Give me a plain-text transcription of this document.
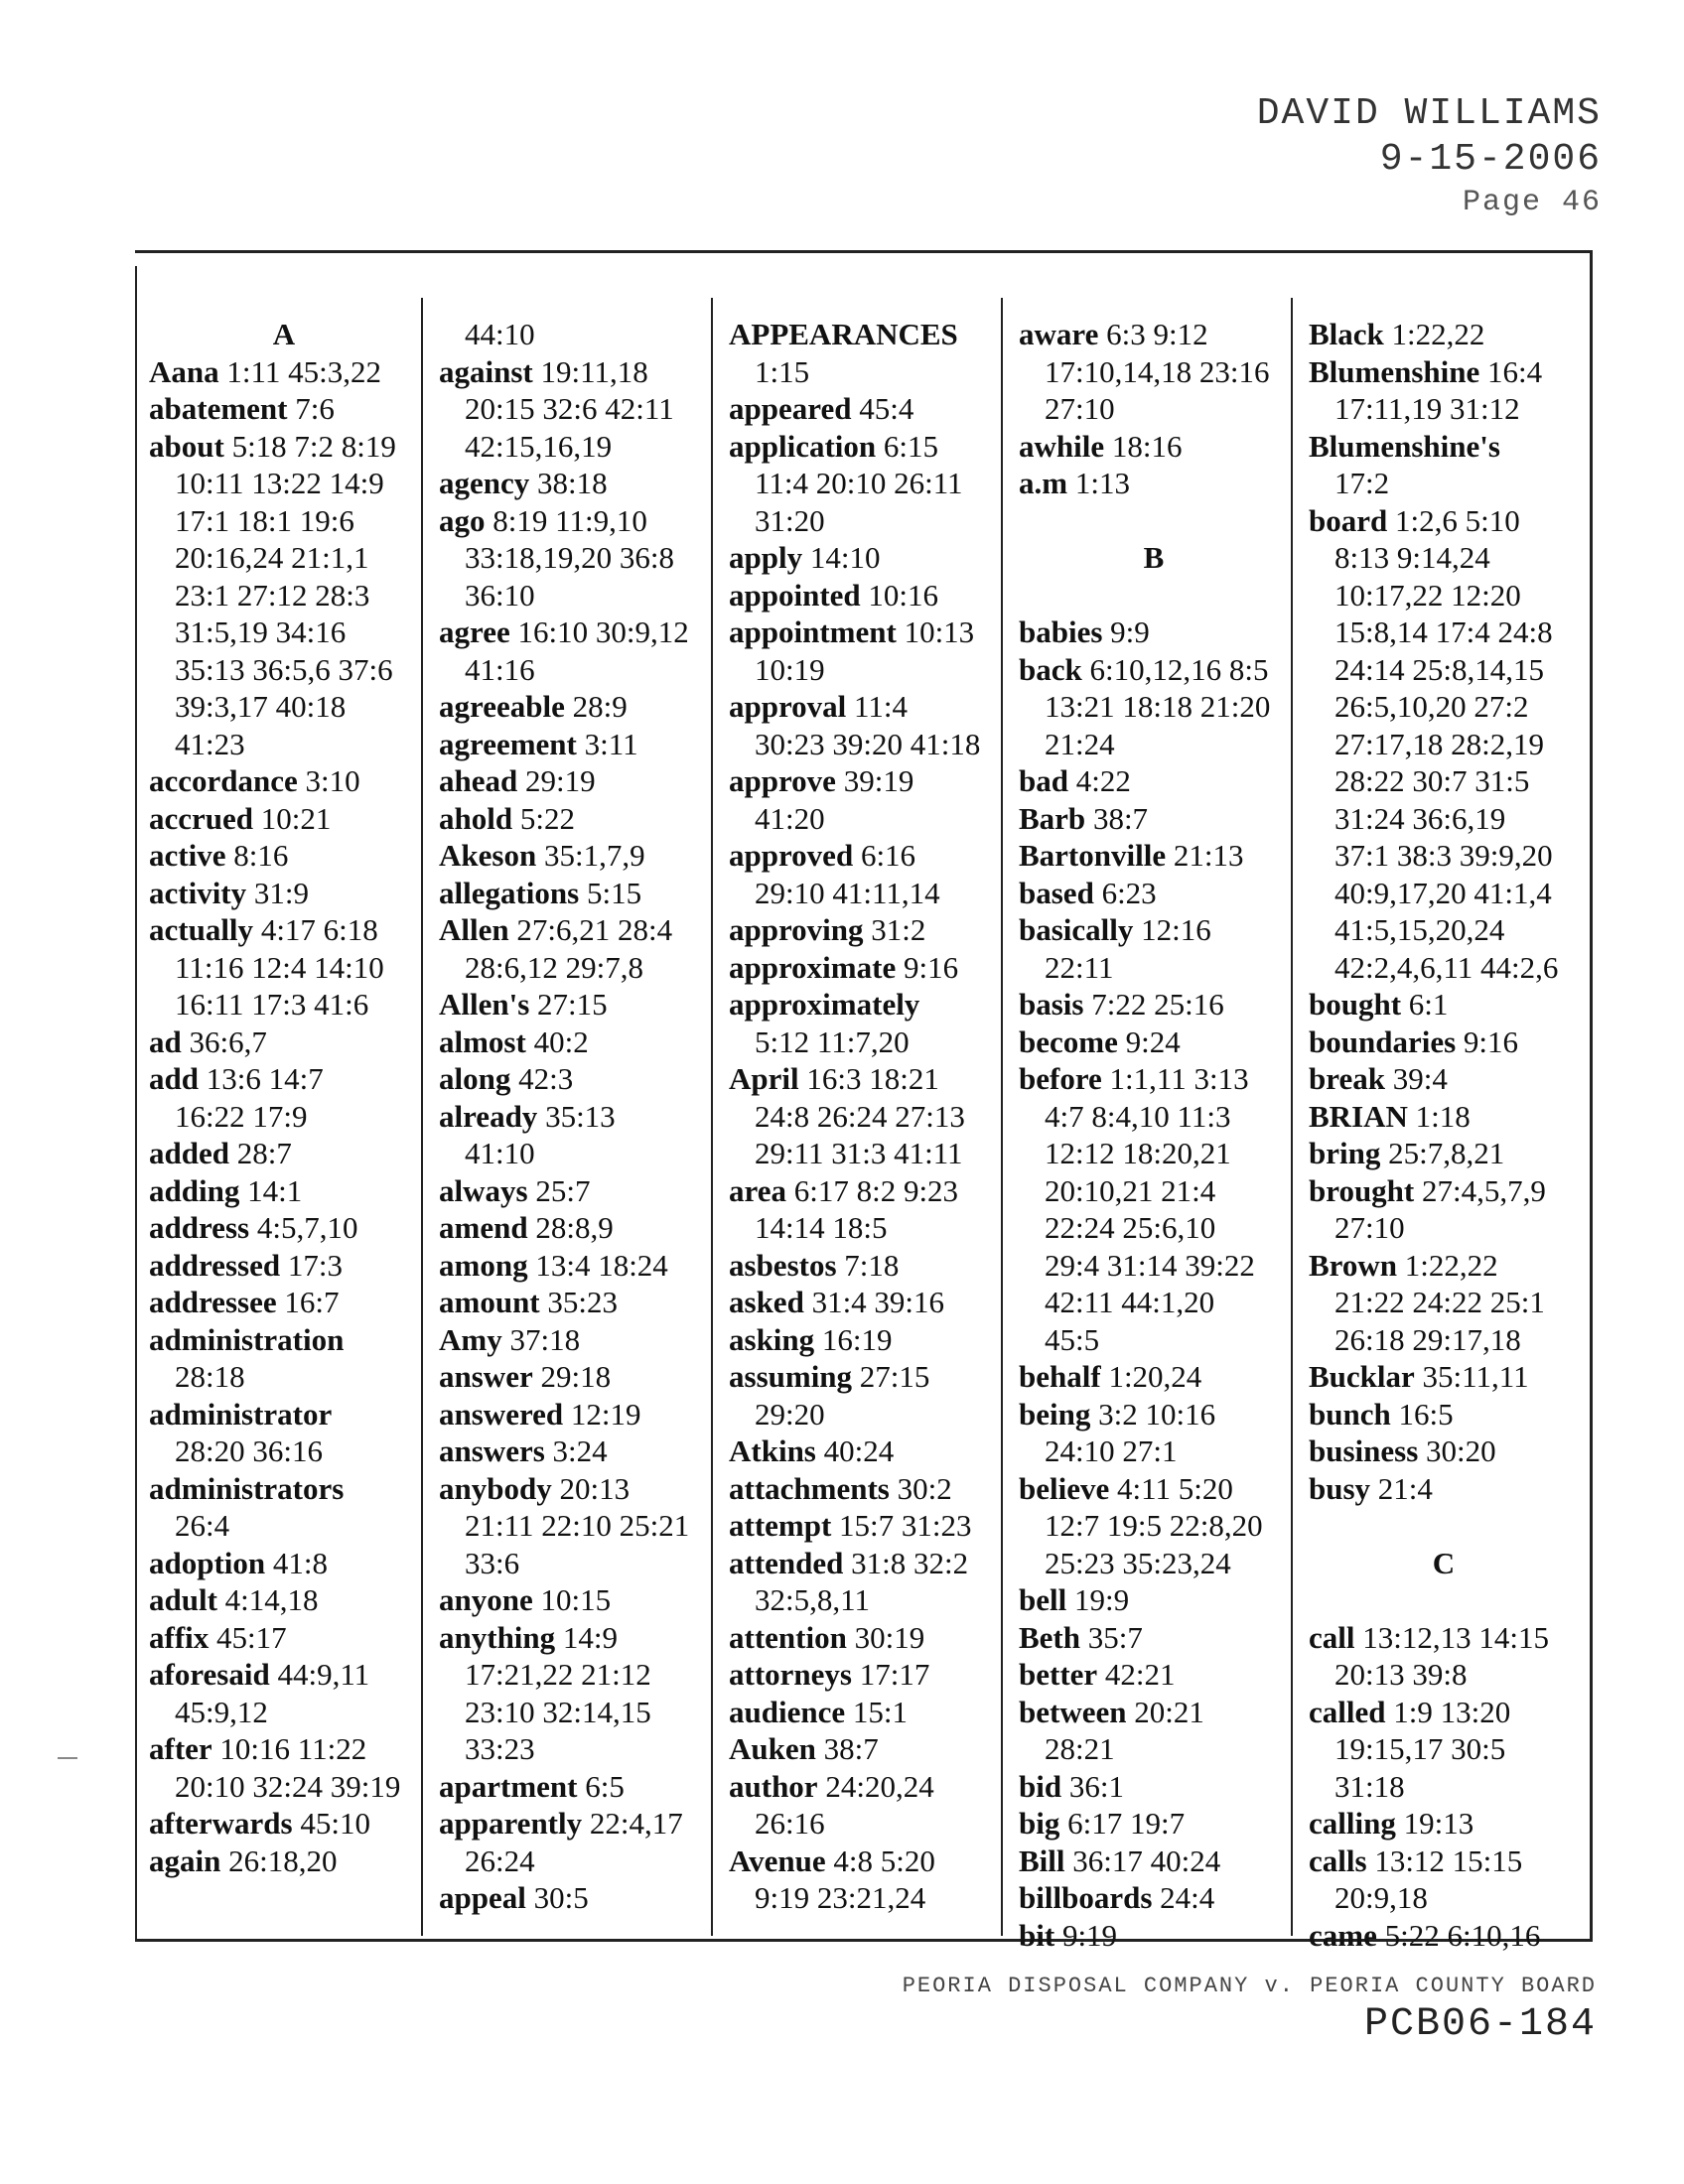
DAVID WILLIAMS
9-15-2006
Page 46
A
Aana 1:11 45:3,22
abatement 7:6
about 5:18 7:2 8:19
10:11 13:22 14:9
17:1 18:1 19:6
20:16,24 21:1,1
23:1 27:12 28:3
31:5,19 34:16
35:13 36:5,6 37:6
39:3,17 40:18
41:23
accordance 3:10
accrued 10:21
active 8:16
activity 31:9
actually 4:17 6:18
11:16 12:4 14:10
16:11 17:3 41:6
ad 36:6,7
add 13:6 14:7
16:22 17:9
added 28:7
adding 14:1
address 4:5,7,10
addressed 17:3
addressee 16:7
administration
28:18
administrator
28:20 36:16
administrators
26:4
adoption 41:8
adult 4:14,18
affix 45:17
aforesaid 44:9,11
45:9,12
after 10:16 11:22
20:10 32:24 39:19
afterwards 45:10
again 26:18,20
44:10
against 19:11,18
20:15 32:6 42:11
42:15,16,19
agency 38:18
ago 8:19 11:9,10
33:18,19,20 36:8
36:10
agree 16:10 30:9,12
41:16
agreeable 28:9
agreement 3:11
ahead 29:19
ahold 5:22
Akeson 35:1,7,9
allegations 5:15
Allen 27:6,21 28:4
28:6,12 29:7,8
Allen's 27:15
almost 40:2
along 42:3
already 35:13
41:10
always 25:7
amend 28:8,9
among 13:4 18:24
amount 35:23
Amy 37:18
answer 29:18
answered 12:19
answers 3:24
anybody 20:13
21:11 22:10 25:21
33:6
anyone 10:15
anything 14:9
17:21,22 21:12
23:10 32:14,15
33:23
apartment 6:5
apparently 22:4,17
26:24
appeal 30:5
APPEARANCES
1:15
appeared 45:4
application 6:15
11:4 20:10 26:11
31:20
apply 14:10
appointed 10:16
appointment 10:13
10:19
approval 11:4
30:23 39:20 41:18
approve 39:19
41:20
approved 6:16
29:10 41:11,14
approving 31:2
approximate 9:16
approximately
5:12 11:7,20
April 16:3 18:21
24:8 26:24 27:13
29:11 31:3 41:11
area 6:17 8:2 9:23
14:14 18:5
asbestos 7:18
asked 31:4 39:16
asking 16:19
assuming 27:15
29:20
Atkins 40:24
attachments 30:2
attempt 15:7 31:23
attended 31:8 32:2
32:5,8,11
attention 30:19
attorneys 17:17
audience 15:1
Auken 38:7
author 24:20,24
26:16
Avenue 4:8 5:20
9:19 23:21,24
aware 6:3 9:12
17:10,14,18 23:16
27:10
awhile 18:16
a.m 1:13
B
babies 9:9
back 6:10,12,16 8:5
13:21 18:18 21:20
21:24
bad 4:22
Barb 38:7
Bartonville 21:13
based 6:23
basically 12:16
22:11
basis 7:22 25:16
become 9:24
before 1:1,11 3:13
4:7 8:4,10 11:3
12:12 18:20,21
20:10,21 21:4
22:24 25:6,10
29:4 31:14 39:22
42:11 44:1,20
45:5
behalf 1:20,24
being 3:2 10:16
24:10 27:1
believe 4:11 5:20
12:7 19:5 22:8,20
25:23 35:23,24
bell 19:9
Beth 35:7
better 42:21
between 20:21
28:21
bid 36:1
big 6:17 19:7
Bill 36:17 40:24
billboards 24:4
bit 9:19
Black 1:22,22
Blumenshine 16:4
17:11,19 31:12
Blumenshine's
17:2
board 1:2,6 5:10
8:13 9:14,24
10:17,22 12:20
15:8,14 17:4 24:8
24:14 25:8,14,15
26:5,10,20 27:2
27:17,18 28:2,19
28:22 30:7 31:5
31:24 36:6,19
37:1 38:3 39:9,20
40:9,17,20 41:1,4
41:5,15,20,24
42:2,4,6,11 44:2,6
bought 6:1
boundaries 9:16
break 39:4
BRIAN 1:18
bring 25:7,8,21
brought 27:4,5,7,9
27:10
Brown 1:22,22
21:22 24:22 25:1
26:18 29:17,18
Bucklar 35:11,11
bunch 16:5
business 30:20
busy 21:4
C
call 13:12,13 14:15
20:13 39:8
called 1:9 13:20
19:15,17 30:5
31:18
calling 19:13
calls 13:12 15:15
20:9,18
came 5:22 6:10,16
PEORIA DISPOSAL COMPANY v. PEORIA COUNTY BOARD
PCB06-184
